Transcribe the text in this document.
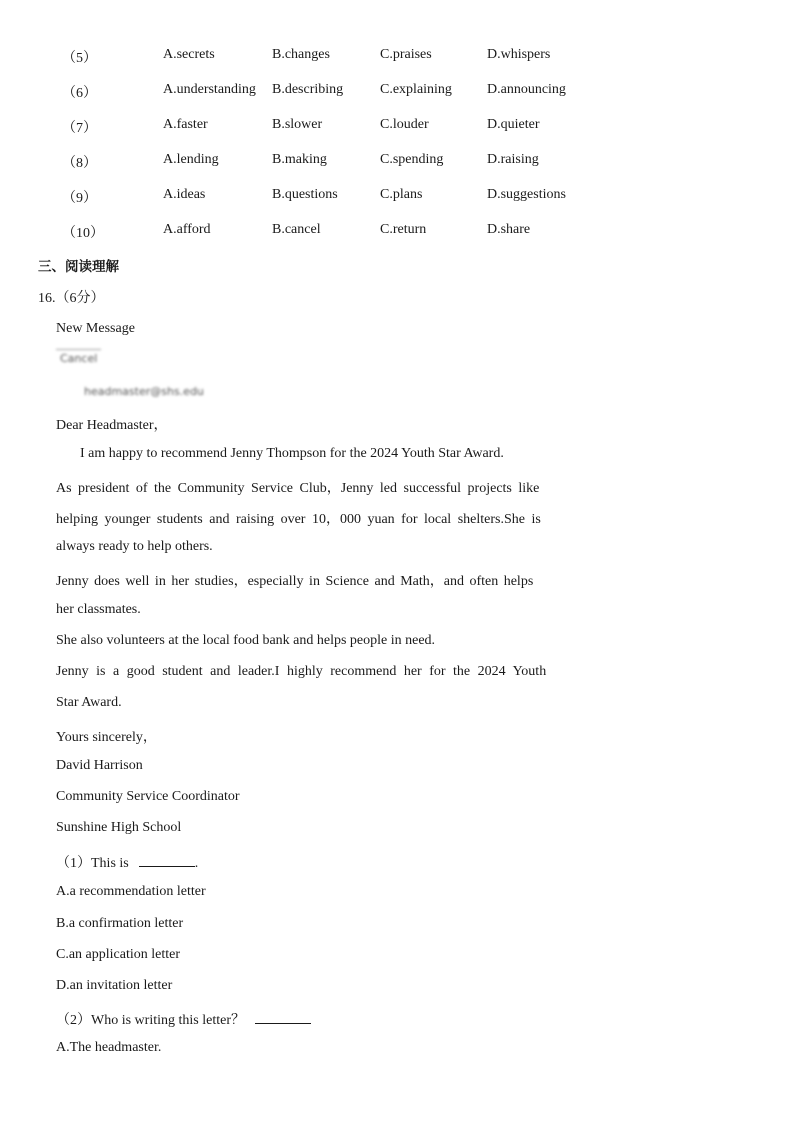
（5）	A.secrets	B.changes	C.praises	D.whispers
（6）	A.understanding B.describing	C.explaining	D.announcing
（7）	A.faster	B.slower	C.louder	D.quieter
（8）	A.lending	B.making	C.spending	D.raising
（9）	A.ideas	B.questions	C.plans	D.suggestions
（10）	A.afford	B.cancel	C.return	D.share
三、阅读理解
16.（6分）
New Message
Cancel
headmaster@shs.edu
Dear Headmaster，
I am happy to recommend Jenny Thompson for the 2024 Youth Star Award.
As president of the Community Service Club，Jenny led successful projects like
helping younger students and raising over 10，000 yuan for local shelters.She is
always ready to help others.
Jenny does well in her studies，especially in Science and Math，and often helps
her classmates.
She also volunteers at the local food bank and helps people in need.
Jenny is a good student and leader.I highly recommend her for the 2024 Youth
Star Award.
Yours sincerely，
David Harrison
Community Service Coordinator
Sunshine High School
（1）This is	.
A.a recommendation letter
B.a confirmation letter
C.an application letter
D.an invitation letter
（2）Who is writing this letter？
A.The headmaster.
